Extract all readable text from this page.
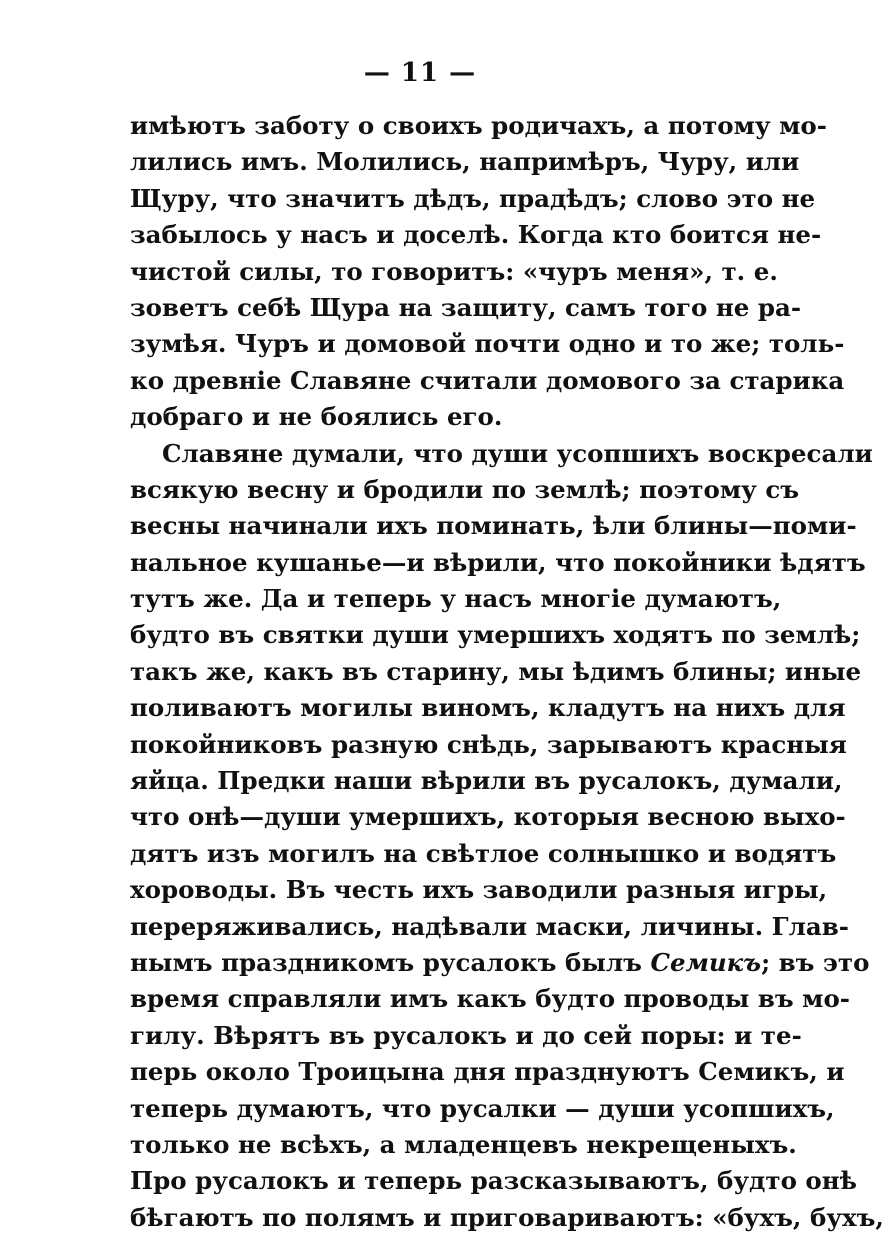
— 11 —
имѣютъ заботу о своихъ родичахъ, а потому мо-
лились имъ. Молились, напримѣръ, Чуру, или
Щуру, что значитъ дѣдъ, прадѣдъ; слово это не
забылось у насъ и доселѣ. Когда кто боится не-
чистой силы, то говоритъ: «чуръ меня», т. е.
зоветъ себѣ Щура на защиту, самъ того не ра-
зумѣя. Чуръ и домовой почти одно и то же; толь-
ко древніе Славяне считали домового за старика
добраго и не боялись его.
Славяне думали, что души усопшихъ воскресали
всякую весну и бродили по землѣ; поэтому съ
весны начинали ихъ поминать, ѣли блины—поми-
нальное кушанье—и вѣрили, что покойники ѣдятъ
тутъ же. Да и теперь у насъ многіе думаютъ,
будто въ святки души умершихъ ходятъ по землѣ;
такъ же, какъ въ старину, мы ѣдимъ блины; иные
поливаютъ могилы виномъ, кладутъ на нихъ для
покойниковъ разную снѣдь, зарываютъ красныя
яйца. Предки наши вѣрили въ русалокъ, думали,
что онѣ—души умершихъ, которыя весною выхо-
дятъ изъ могилъ на свѣтлое солнышко и водятъ
хороводы. Въ честь ихъ заводили разныя игры,
переряживались, надѣвали маски, личины. Глав-
нымъ праздникомъ русалокъ былъ Семикъ; въ это
время справляли имъ какъ будто проводы въ мо-
гилу. Вѣрятъ въ русалокъ и до сей поры: и те-
перь около Троицына дня празднуютъ Семикъ, и
теперь думаютъ, что русалки — души усопшихъ,
только не всѣхъ, а младенцевъ некрещеныхъ.
Про русалокъ и теперь разсказываютъ, будто онѣ
бѣгаютъ по полямъ и приговариваютъ: «бухъ, бухъ,
